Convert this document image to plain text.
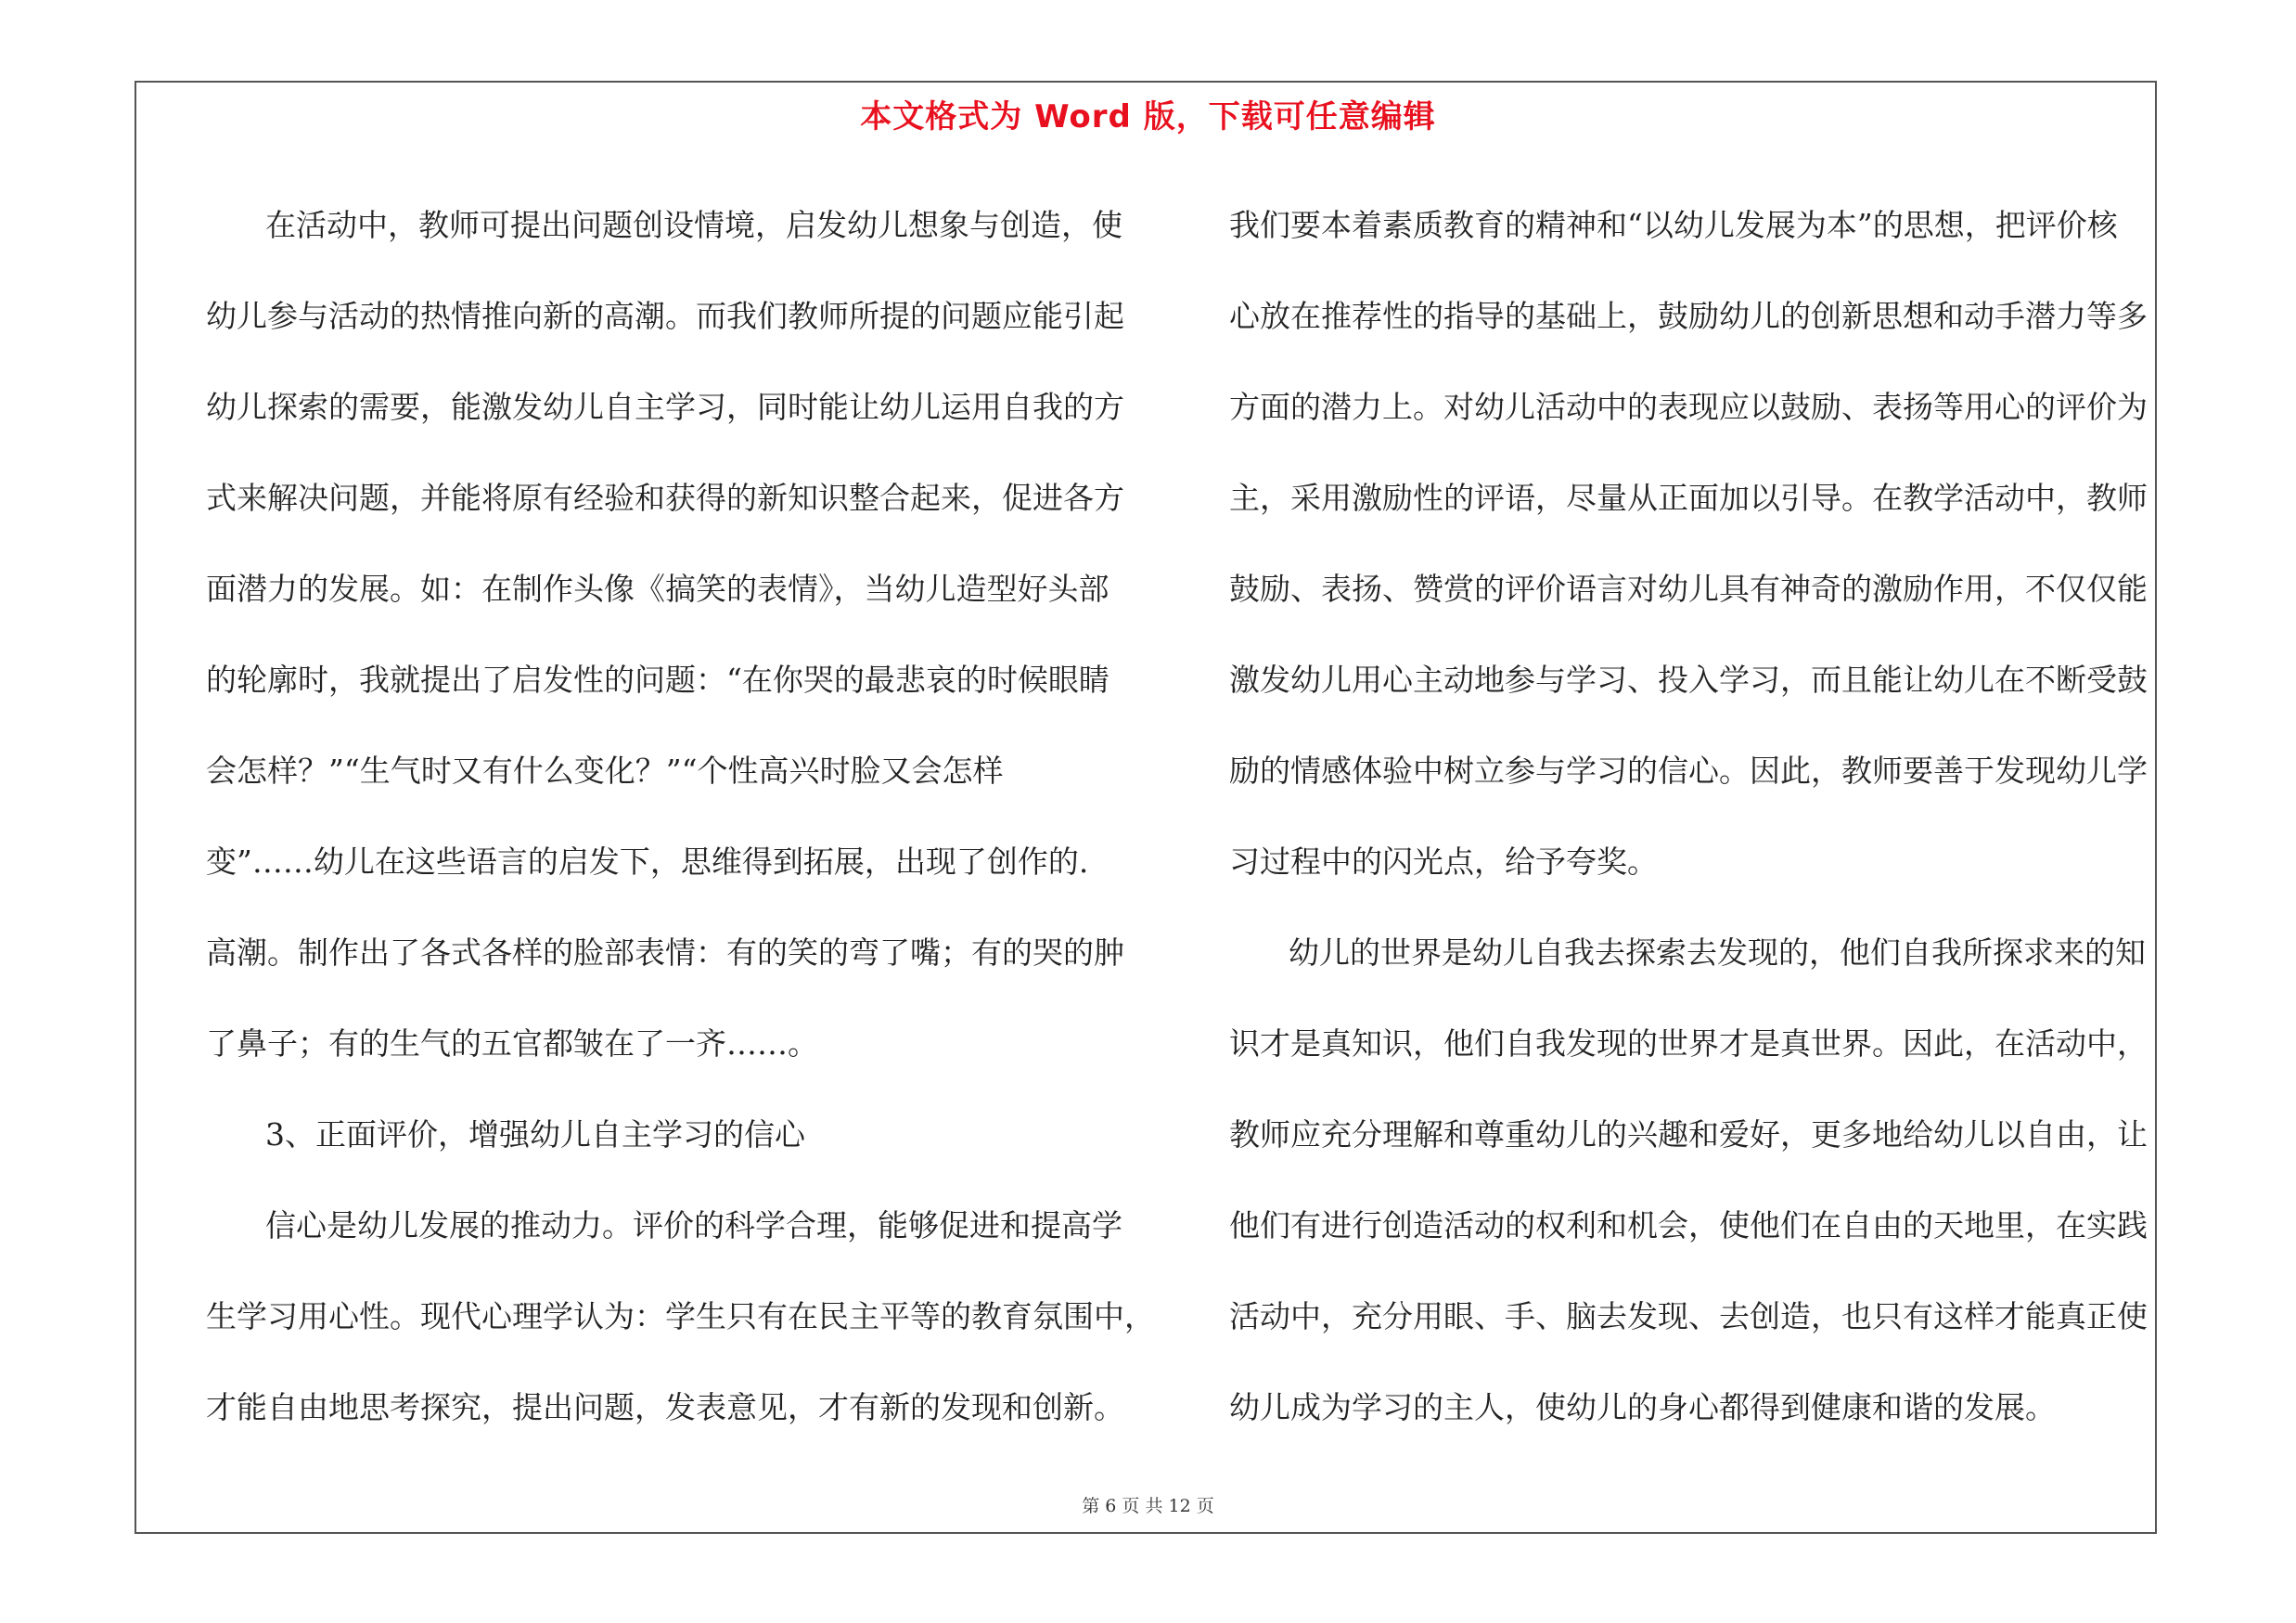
本文格式为 Word 版，下载可任意编辑
在活动中，教师可提出问题创设情境，启发幼儿想象与创造，使
幼儿参与活动的热情推向新的高潮。而我们教师所提的问题应能引起
幼儿探索的需要，能激发幼儿自主学习，同时能让幼儿运用自我的方
式来解决问题，并能将原有经验和获得的新知识整合起来，促进各方
面潜力的发展。如：在制作头像《搞笑的表情》，当幼儿造型好头部
的轮廓时，我就提出了启发性的问题：“在你哭的最悲哀的时候眼睛
会怎样？”“生气时又有什么变化？”“个性高兴时脸又会怎样
变”……幼儿在这些语言的启发下，思维得到拓展，出现了创作的.
高潮。制作出了各式各样的脸部表情：有的笑的弯了嘴；有的哭的肿
了鼻子；有的生气的五官都皱在了一齐……。
3、正面评价，增强幼儿自主学习的信心
信心是幼儿发展的推动力。评价的科学合理，能够促进和提高学
生学习用心性。现代心理学认为：学生只有在民主平等的教育氛围中，
才能自由地思考探究，提出问题，发表意见，才有新的发现和创新。
我们要本着素质教育的精神和“以幼儿发展为本”的思想，把评价核
心放在推荐性的指导的基础上，鼓励幼儿的创新思想和动手潜力等多
方面的潜力上。对幼儿活动中的表现应以鼓励、表扬等用心的评价为
主，采用激励性的评语，尽量从正面加以引导。在教学活动中，教师
鼓励、表扬、赞赏的评价语言对幼儿具有神奇的激励作用，不仅仅能
激发幼儿用心主动地参与学习、投入学习，而且能让幼儿在不断受鼓
励的情感体验中树立参与学习的信心。因此，教师要善于发现幼儿学
习过程中的闪光点，给予夸奖。
幼儿的世界是幼儿自我去探索去发现的，他们自我所探求来的知
识才是真知识，他们自我发现的世界才是真世界。因此，在活动中，
教师应充分理解和尊重幼儿的兴趣和爱好，更多地给幼儿以自由，让
他们有进行创造活动的权利和机会，使他们在自由的天地里，在实践
活动中，充分用眼、手、脑去发现、去创造，也只有这样才能真正使
幼儿成为学习的主人，使幼儿的身心都得到健康和谐的发展。
第 6 页 共 12 页
